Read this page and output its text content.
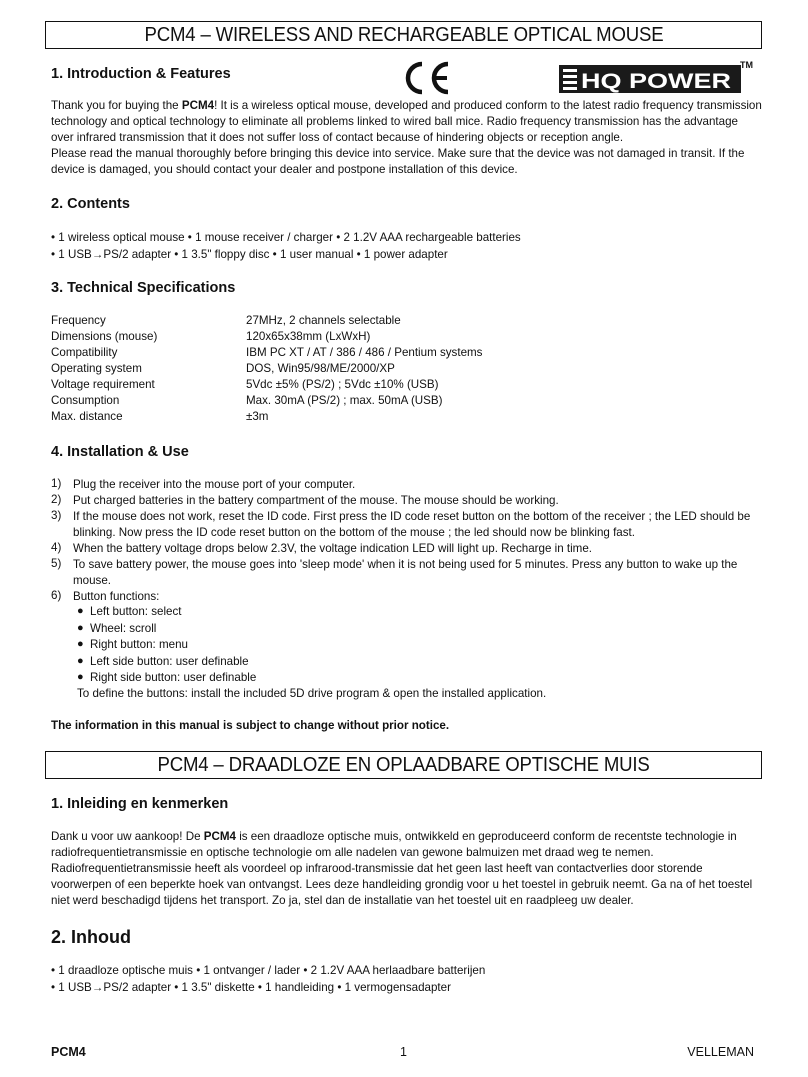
PCM4 – WIRELESS AND RECHARGEABLE OPTICAL MOUSE
HQ POWER
TM
1. Introduction & Features
Thank you for buying the PCM4! It is a wireless optical mouse, developed and produced conform to the latest radio frequency transmission technology and optical technology to eliminate all problems linked to wired ball mice. Radio frequency transmission has the advantage over infrared transmission that it does not suffer loss of contact because of hindering objects or reception angle.
Please read the manual thoroughly before bringing this device into service. Make sure that the device was not damaged in transit. If the device is damaged, you should contact your dealer and postpone installation of this device.
2. Contents
• 1 wireless optical mouse • 1 mouse receiver / charger • 2 1.2V AAA rechargeable batteries
• 1 USB→PS/2 adapter • 1 3.5" floppy disc • 1 user manual • 1 power adapter
3. Technical Specifications
Frequency	27MHz, 2 channels selectable
Dimensions (mouse)	120x65x38mm (LxWxH)
Compatibility	IBM PC XT / AT / 386 / 486 / Pentium systems
Operating system	DOS, Win95/98/ME/2000/XP
Voltage requirement	5Vdc ±5% (PS/2) ; 5Vdc ±10% (USB)
Consumption	Max. 30mA (PS/2) ; max. 50mA (USB)
Max. distance	±3m
4. Installation & Use
1) Plug the receiver into the mouse port of your computer.
2) Put charged batteries in the battery compartment of the mouse. The mouse should be working.
3) If the mouse does not work, reset the ID code. First press the ID code reset button on the bottom of the receiver ; the LED should be
blinking. Now press the ID code reset button on the bottom of the mouse ; the led should now be blinking fast.
4) When the battery voltage drops below 2.3V, the voltage indication LED will light up. Recharge in time.
5) To save battery power, the mouse goes into 'sleep mode' when it is not being used for 5 minutes. Press any button to wake up the
mouse.
6) Button functions:
● Left button: select
● Wheel: scroll
● Right button: menu
● Left side button: user definable
● Right side button: user definable
To define the buttons: install the included 5D drive program & open the installed application.
The information in this manual is subject to change without prior notice.
PCM4 – DRAADLOZE EN OPLAADBARE OPTISCHE MUIS
1. Inleiding en kenmerken
Dank u voor uw aankoop! De PCM4 is een draadloze optische muis, ontwikkeld en geproduceerd conform de recentste technologie in radiofrequentietransmissie en optische technologie om alle nadelen van gewone balmuizen met draad weg te nemen. Radiofrequentietransmissie heeft als voordeel op infrarood-transmissie dat het geen last heeft van contactverlies door storende voorwerpen of een beperkte hoek van ontvangst. Lees deze handleiding grondig voor u het toestel in gebruik neemt. Ga na of het toestel niet werd beschadigd tijdens het transport. Zo ja, stel dan de installatie van het toestel uit en raadpleeg uw dealer.
2. Inhoud
• 1 draadloze optische muis • 1 ontvanger / lader • 2 1.2V AAA herlaadbare batterijen
• 1 USB→PS/2 adapter • 1 3.5" diskette • 1 handleiding • 1 vermogensadapter
PCM4	1	VELLEMAN
